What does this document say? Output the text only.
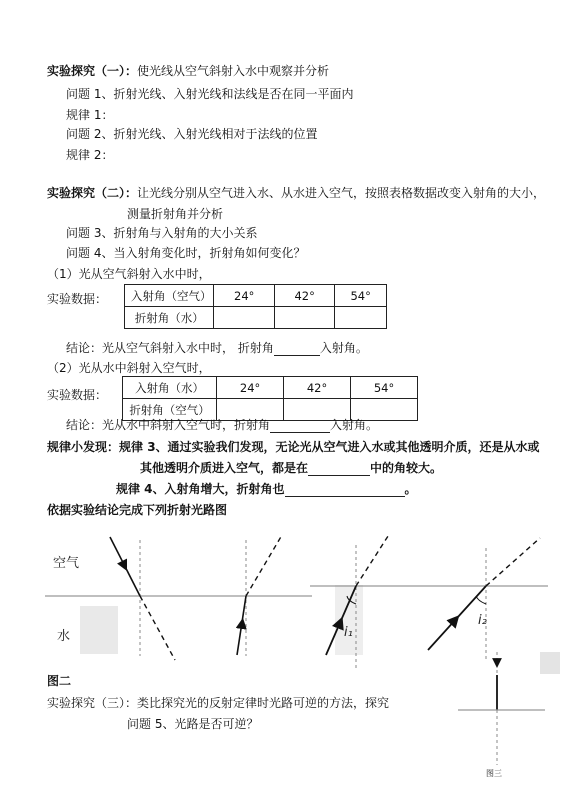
实验探究（一）：使光线从空气斜射入水中观察并分析
问题 1、折射光线、入射光线和法线是否在同一平面内
规律 1：
问题 2、折射光线、入射光线相对于法线的位置
规律 2：
实验探究（二）：让光线分别从空气进入水、从水进入空气，按照表格数据改变入射角的大小，
测量折射角并分析
问题 3、折射角与入射角的大小关系
问题 4、当入射角变化时，折射角如何变化？
（1）光从空气斜射入水中时，
实验数据： 入射角（空气）	24°	42°	54°
折射角（水）			
结论：光从空气斜射入水中时， 折射角	入射角。
（2）光从水中斜射入空气时，
实验数据：
入射角（水）	24°	42°	54°
折射角（空气）			
结论：光从水中斜射入空气时，折射角	入射角。
规律小发现：规律 3、通过实验我们发现，无论光从空气进入水或其他透明介质，还是从水或
其他透明介质进入空气，都是在	中的角较大。
规律 4、入射角增大，折射角也	。
依据实验结论完成下列折射光路图
空气
水	i₁
i₂
图三
图二
实验探究（三）：类比探究光的反射定律时光路可逆的方法，探究
问题 5、光路是否可逆？
